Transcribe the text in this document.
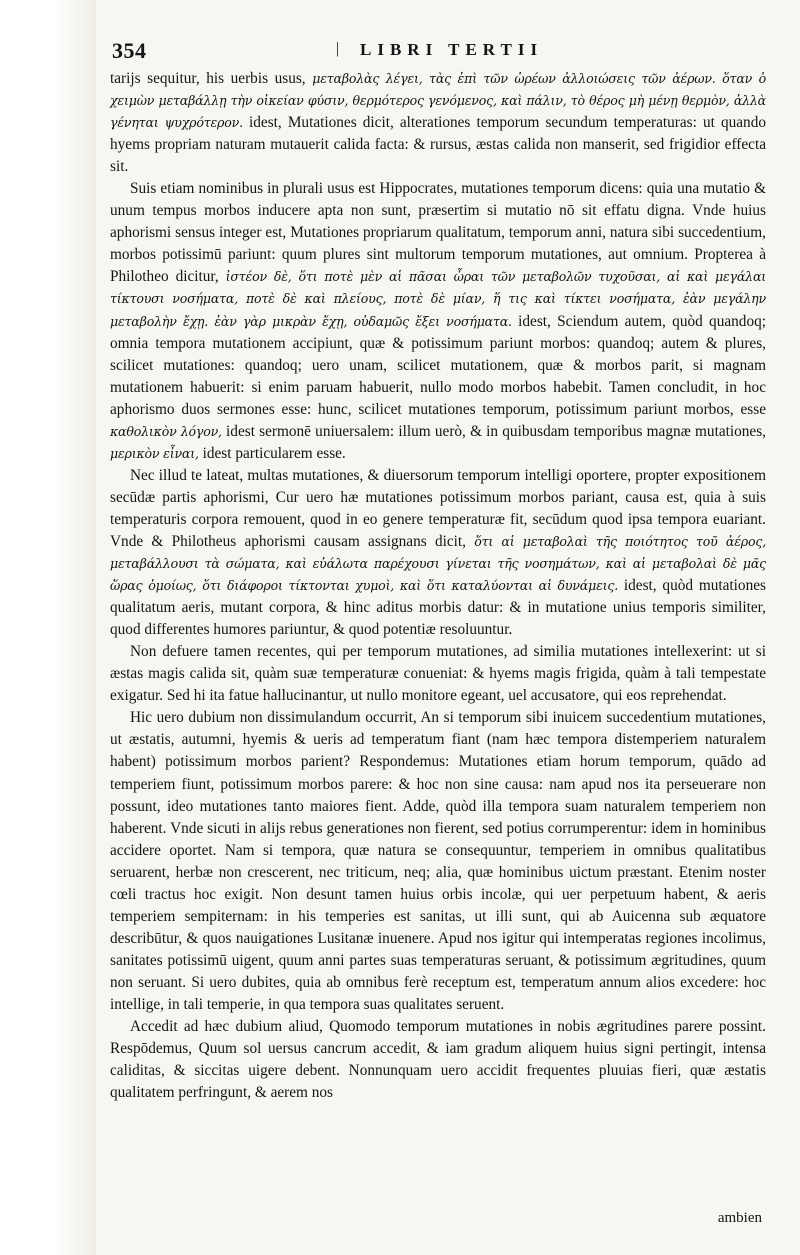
354	| LIBRI TERTII

tarijs sequitur, his uerbis usus, μεταβολὰς λέγει, τὰς ἐπὶ τῶν ὡρέων ἀλλοιώσεις τῶν ἀέρων. ὅταν ὁ χειμὼν μεταβάλλῃ τὴν οἰκείαν φύσιν, θερμότερος γενόμενος, καὶ πάλιν, τὸ θέρος μὴ μένῃ θερμὸν, ἀλλὰ γένηται ψυχρότερον. idest, Mutationes dicit, alterationes temporum secundum temperaturas: ut quando hyems propriam naturam mutauerit calida facta: & rursus, æstas calida non manserit, sed frigidior effecta sit.

Suis etiam nominibus in plurali usus est Hippocrates, mutationes temporum dicens: quia una mutatio & unum tempus morbos inducere apta non sunt, præsertim si mutatio nō sit effatu digna. Vnde huius aphorismi sensus integer est, Mutationes propriarum qualitatum, temporum anni, natura sibi succedentium, morbos potissimū pariunt: quum plures sint multorum temporum mutationes, aut omnium. Propterea à Philotheo dicitur, ἰστέον δὲ, ὅτι ποτὲ μὲν αἱ πᾶσαι ὧραι τῶν μεταβολῶν τυχοῦσαι, αἱ καὶ μεγάλαι τίκτουσι νοσήματα, ποτὲ δὲ καὶ πλείους, ποτὲ δὲ μίαν, ἥ τις καὶ τίκτει νοσήματα, ἐὰν μεγάλην μεταβολὴν ἔχῃ. ἐὰν γὰρ μικρὰν ἔχῃ, οὐδαμῶς ἔξει νοσήματα. idest, Sciendum autem, quòd quandoq; omnia tempora mutationem accipiunt, quæ & potissimum pariunt morbos: quandoq; autem & plures, scilicet mutationes: quandoq; uero unam, scilicet mutationem, quæ & morbos parit, si magnam mutationem habuerit: si enim paruam habuerit, nullo modo morbos habebit. Tamen concludit, in hoc aphorismo duos sermones esse: hunc, scilicet mutationes temporum, potissimum pariunt morbos, esse καθολικὸν λόγον, idest sermonē uniuersalem: illum uerò, & in quibusdam temporibus magnæ mutationes, μερικὸν εἶναι, idest particularem esse.

Nec illud te lateat, multas mutationes, & diuersorum temporum intelligi oportere, propter expositionem secūdæ partis aphorismi, Cur uero hæ mutationes potissimum morbos pariant, causa est, quia à suis temperaturis corpora remouent, quod in eo genere temperaturæ fit, secūdum quod ipsa tempora euariant. Vnde & Philotheus aphorismi causam assignans dicit, ὅτι αἱ μεταβολαὶ τῆς ποιότητος τοῦ ἀέρος, μεταβάλλουσι τὰ σώματα, καὶ εὐάλωτα παρέχουσι γίνεται τῆς νοσημάτων, καὶ αἱ μεταβολαὶ δὲ μᾶς ὥρας ὁμοίως, ὅτι διάφοροι τίκτονται χυμοὶ, καὶ ὅτι καταλύονται αἱ δυνάμεις. idest, quòd mutationes qualitatum aeris, mutant corpora, & hinc aditus morbis datur: & in mutatione unius temporis similiter, quod differentes humores pariuntur, & quod potentiæ resoluuntur.

Non defuere tamen recentes, qui per temporum mutationes, ad similia mutationes intellexerint: ut si æstas magis calida sit, quàm suæ temperaturæ conueniat: & hyems magis frigida, quàm à tali tempestate exigatur. Sed hi ita fatue hallucinantur, ut nullo monitore egeant, uel accusatore, qui eos reprehendat.

Hic uero dubium non dissimulandum occurrit, An si temporum sibi inuicem succedentium mutationes, ut æstatis, autumni, hyemis & ueris ad temperatum fiant (nam hæc tempora distemperiem naturalem habent) potissimum morbos parient? Respondemus: Mutationes etiam horum temporum, quādo ad temperiem fiunt, potissimum morbos parere: & hoc non sine causa: nam apud nos ita perseuerare non possunt, ideo mutationes tanto maiores fient. Adde, quòd illa tempora suam naturalem temperiem non haberent. Vnde sicuti in alijs rebus generationes non fierent, sed potius corrumperentur: idem in hominibus accidere oportet. Nam si tempora, quæ natura se consequuntur, temperiem in omnibus qualitatibus seruarent, herbæ non crescerent, nec triticum, neq; alia, quæ hominibus uictum præstant. Etenim noster cœli tractus hoc exigit. Non desunt tamen huius orbis incolæ, qui uer perpetuum habent, & aeris temperiem sempiternam: in his temperies est sanitas, ut illi sunt, qui ab Auicenna sub æquatore describūtur, & quos nauigationes Lusitanæ inuenere. Apud nos igitur qui intemperatas regiones incolimus, sanitates potissimū uigent, quum anni partes suas temperaturas seruant, & potissimum ægritudines, quum non seruant. Si uero dubites, quia ab omnibus ferè receptum est, temperatum annum alios excedere: hoc intellige, in tali temperie, in qua tempora suas qualitates seruent.

Accedit ad hæc dubium aliud, Quomodo temporum mutationes in nobis ægritudines parere possint. Respōdemus, Quum sol uersus cancrum accedit, & iam gradum aliquem huius signi pertingit, intensa caliditas, & siccitas uigere debent. Nonnunquam uero accidit frequentes pluuias fieri, quæ æstatis qualitatem perfringunt, & aerem nos

ambien
